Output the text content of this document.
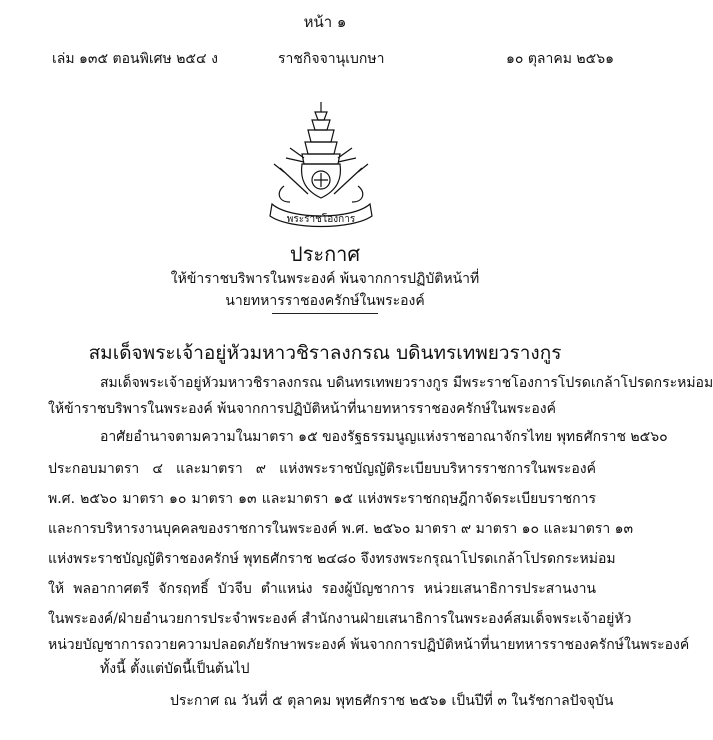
หน้า ๑
เล่ม ๑๓๕ ตอนพิเศษ ๒๕๔ ง	ราชกิจจานุเบกษา	๑๐ ตุลาคม ๒๕๖๑
พระราชโองการ
ประกาศ
ให้ข้าราชบริพารในพระองค์ พ้นจากการปฏิบัติหน้าที่
นายทหารราชองครักษ์ในพระองค์
สมเด็จพระเจ้าอยู่หัวมหาวชิราลงกรณ บดินทรเทพยวรางกูร
สมเด็จพระเจ้าอยู่หัวมหาวชิราลงกรณ บดินทรเทพยวรางกูร มีพระราชโองการโปรดเกล้าโปรดกระหม่อม
ให้ข้าราชบริพารในพระองค์ พ้นจากการปฏิบัติหน้าที่นายทหารราชองครักษ์ในพระองค์
อาศัยอำนาจตามความในมาตรา ๑๕ ของรัฐธรรมนูญแห่งราชอาณาจักรไทย พุทธศักราช ๒๕๖๐
ประกอบมาตรา ๔ และมาตรา ๙ แห่งพระราชบัญญัติระเบียบบริหารราชการในพระองค์
พ.ศ. ๒๕๖๐ มาตรา ๑๐ มาตรา ๑๓ และมาตรา ๑๕ แห่งพระราชกฤษฎีกาจัดระเบียบราชการ
และการบริหารงานบุคคลของราชการในพระองค์ พ.ศ. ๒๕๖๐ มาตรา ๙ มาตรา ๑๐ และมาตรา ๑๓
แห่งพระราชบัญญัติราชองครักษ์ พุทธศักราช ๒๔๘๐ จึงทรงพระกรุณาโปรดเกล้าโปรดกระหม่อม
ให้ พลอากาศตรี จักรฤทธิ์ บัวจีบ ตำแหน่ง รองผู้บัญชาการ หน่วยเสนาธิการประสานงาน
ในพระองค์/ฝ่ายอำนวยการประจำพระองค์ สำนักงานฝ่ายเสนาธิการในพระองค์สมเด็จพระเจ้าอยู่หัว
หน่วยบัญชาการถวายความปลอดภัยรักษาพระองค์ พ้นจากการปฏิบัติหน้าที่นายทหารราชองครักษ์ในพระองค์
ทั้งนี้ ตั้งแต่บัดนี้เป็นต้นไป
ประกาศ ณ วันที่ ๕ ตุลาคม พุทธศักราช ๒๕๖๑ เป็นปีที่ ๓ ในรัชกาลปัจจุบัน
